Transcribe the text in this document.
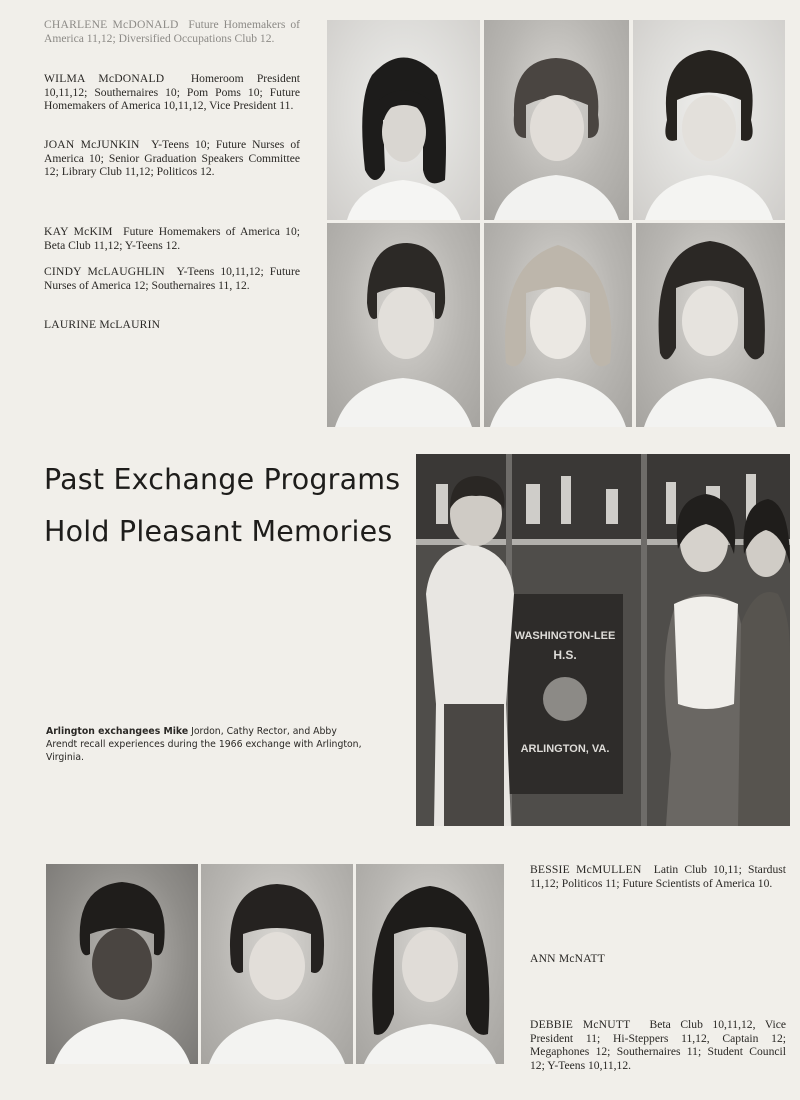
CHARLENE McDONALD Future Homemakers of America 11,12; Diversified Occupations Club 12.
WILMA McDONALD Homeroom President 10,11,12; Southernaires 10; Pom Poms 10; Future Homemakers of America 10,11,12, Vice President 11.
JOAN McJUNKIN Y-Teens 10; Future Nurses of America 10; Senior Graduation Speakers Committee 12; Library Club 11,12; Politicos 12.
KAY McKIM Future Homemakers of America 10; Beta Club 11,12; Y-Teens 12.
CINDY McLAUGHLIN Y-Teens 10,11,12; Future Nurses of America 12; Southernaires 11, 12.
LAURINE McLAURIN
Past Exchange Programs
Hold Pleasant Memories
Arlington exchangees Mike Jordon, Cathy Rector, and Abby Arendt recall experiences during the 1966 exchange with Arlington, Virginia.
WASHINGTON-LEE
H.S.
ARLINGTON, VA.
BESSIE McMULLEN Latin Club 10,11; Stardust 11,12; Politicos 11; Future Scientists of America 10.
ANN McNATT
DEBBIE McNUTT Beta Club 10,11,12, Vice President 11; Hi-Steppers 11,12, Captain 12; Megaphones 12; Southernaires 11; Student Council 12; Y-Teens 10,11,12.
